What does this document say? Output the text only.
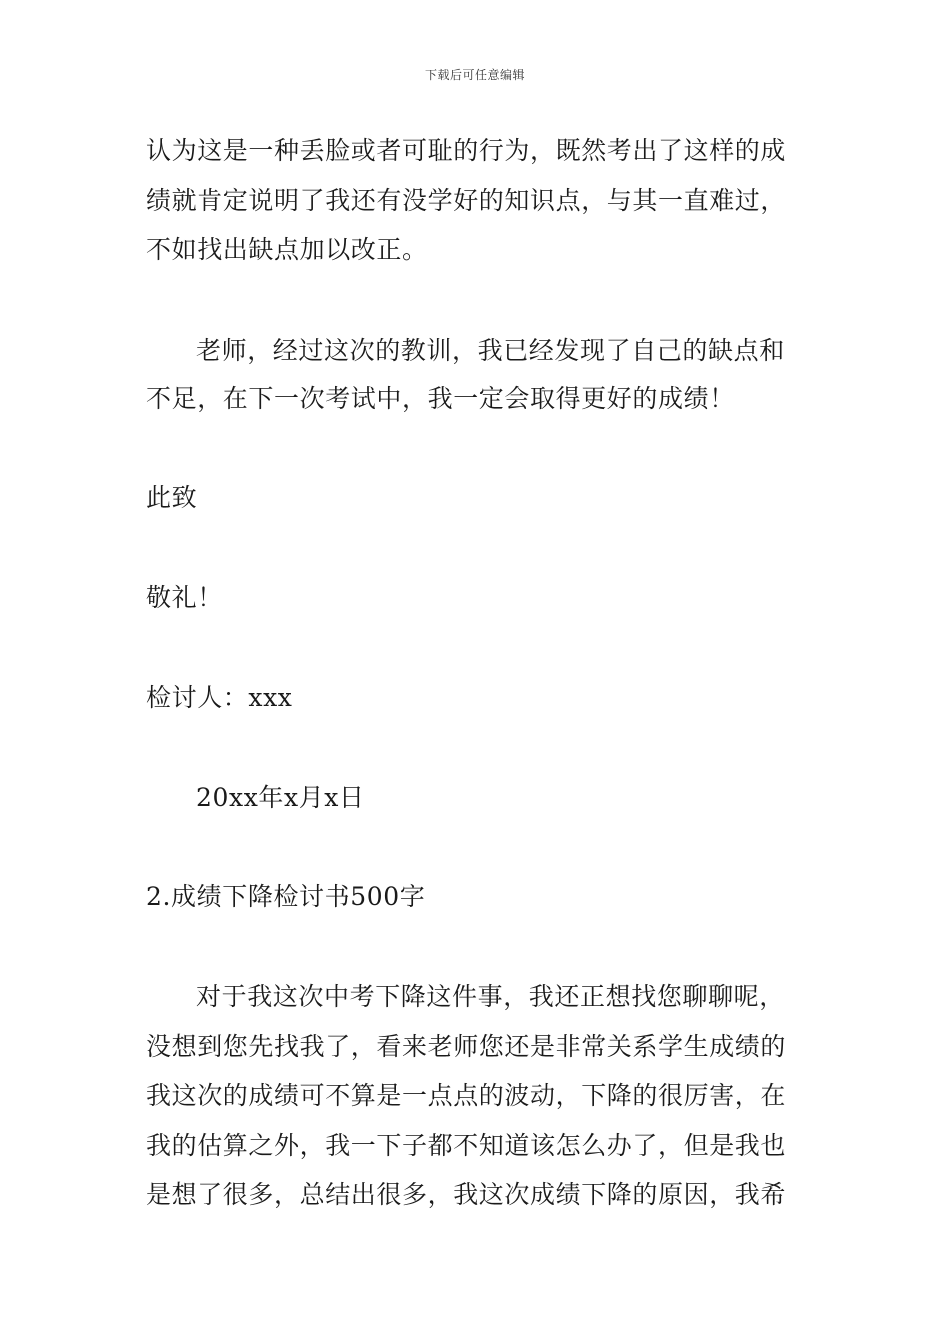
下载后可任意编辑
认为这是一种丢脸或者可耻的行为，既然考出了这样的成
绩就肯定说明了我还有没学好的知识点，与其一直难过，
不如找出缺点加以改正。
老师，经过这次的教训，我已经发现了自己的缺点和
不足，在下一次考试中，我一定会取得更好的成绩！
此致
敬礼！
检讨人：xxx
20xx年x月x日
2.成绩下降检讨书500字
对于我这次中考下降这件事，我还正想找您聊聊呢，
没想到您先找我了，看来老师您还是非常关系学生成绩的
我这次的成绩可不算是一点点的波动，下降的很厉害，在
我的估算之外，我一下子都不知道该怎么办了，但是我也
是想了很多，总结出很多，我这次成绩下降的原因，我希
